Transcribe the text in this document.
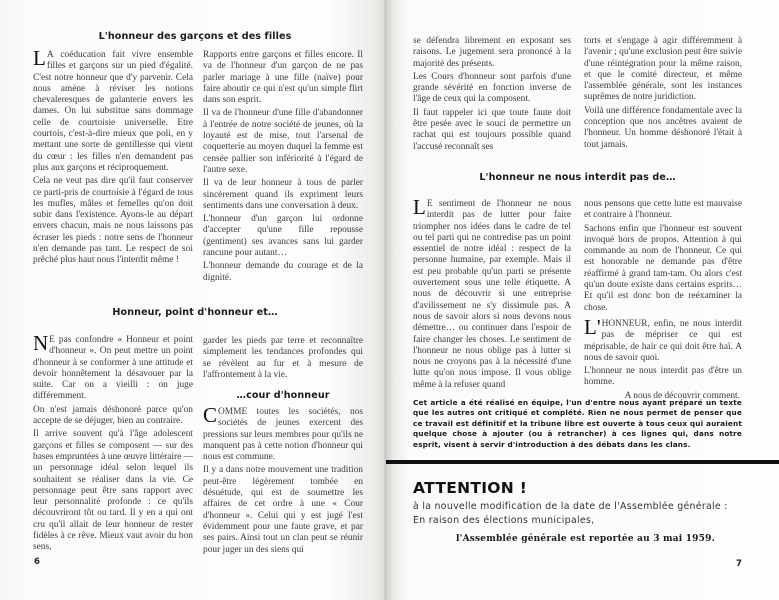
L'honneur des garçons et des filles

L A coéducation fait vivre ensemble filles et garçons sur un pied d'égalité. C'est notre honneur que d'y parvenir. Cela nous amène à réviser les notions chevaleresques de galanterie envers les dames. On lui substitue sans dommage celle de courtoisie universelle. Etre courtois, c'est-à-dire mieux que poli, en y mettant une sorte de gentillesse qui vient du cœur : les filles n'en demandent pas plus aux garçons et réciproquement.

Cela ne veut pas dire qu'il faut conserver ce parti-pris de courtoisie à l'égard de tous les mufles, mâles et femelles qu'on doit subir dans l'existence. Ayons-le au départ envers chacun, mais ne nous laissons pas écraser les pieds : notre sens de l'honneur n'en demande pas tant. Le respect de soi prêché plus haut nous l'interdit même !

Rapports entre garçons et filles encore. Il va de l'honneur d'un garçon de ne pas parler mariage à une fille (naïve) pour faire aboutir ce qui n'est qu'un simple flirt dans son esprit.

Il va de l'honneur d'une fille d'abandonner à l'entrée de notre société de jeunes, où la loyauté est de mise, tout l'arsenal de coquetterie au moyen duquel la femme est censée pallier son infériorité à l'égard de l'autre sexe.

Il va de leur honneur à tous de parler sincèrement quand ils expriment leurs sentiments dans une conversation à deux.

L'honneur d'un garçon lui ordonne d'accepter qu'une fille repousse (gentiment) ses avances sans lui garder rancune pour autant…

L'honneur demande du courage et de la dignité.

Honneur, point d'honneur et…

N E pas confondre « Honneur et point d'honneur ». On peut mettre un point d'honneur à se conformer à une attitude et devoir honnêtement la désavouer par la suite. Car on a vieilli : on juge différemment.

On n'est jamais déshonoré parce qu'on accepte de se déjuger, bien au contraire.

Il arrive souvent qu'à l'âge adolescent garçons et filles se composent — sur des bases empruntées à une œuvre littéraire — un personnage idéal selon lequel ils souhaitent se réaliser dans la vie. Ce personnage peut être sans rapport avec leur personnalité profonde : ce qu'ils découvriront tôt ou tard. Il y en a qui ont cru qu'il allait de leur honneur de rester fidèles à ce rêve. Mieux vaut avoir du bon sens,

garder les pieds par terre et reconnaître simplement les tendances profondes qui se révèlent au fur et à mesure de l'affrontement à la vie.

…cour d'honneur

COMME toutes les sociétés, nos sociétés de jeunes exercent des pressions sur leurs membres pour qu'ils ne manquent pas à cette notion d'honneur qui nous est commune.

Il y a dans notre mouvement une tradition peut-être légèrement tombée en désuétude, qui est de soumettre les affaires de cet ordre à une « Cour d'honneur ». Celui qui y est jugé l'est évidemment pour une faute grave, et par ses pairs. Ainsi tout un clan peut se réunir pour juger un des siens qui

6

se défendra librement en exposant ses raisons. Le jugement sera prononcé à la majorité des présents.

Les Cours d'honneur sont parfois d'une grande sévérité en fonction inverse de l'âge de ceux qui la composent.

Il faut rappeler ici que toute faute doit être pesée avec le souci de permettre un rachat qui est toujours possible quand l'accusé reconnaît ses

torts et s'engage à agir différemment à l'avenir ; qu'une exclusion peut être suivie d'une réintégration pour la même raison, et que le comité directeur, et même l'assemblée générale, sont les instances suprêmes de notre juridiction.

Voilà une différence fondamentale avec la conception que nos ancêtres avaient de l'honneur. Un homme déshonoré l'était à tout jamais.

L'honneur ne nous interdit pas de…

L E sentiment de l'honneur ne nous interdit pas de lutter pour faire triompher nos idées dans le cadre de tel ou tel parti qui ne contredise pas un point essentiel de notre idéal : respect de la personne humaine, par exemple. Mais il est peu probable qu'un parti se présente ouvertement sous une telle étiquette. A nous de découvrir si une entreprise d'avilissement ne s'y dissimule pas. A nous de savoir alors si nous devons nous démettre… ou continuer dans l'espoir de faire changer les choses. Le sentiment de l'honneur ne nous oblige pas à lutter si nous ne croyons pas à la nécessité d'une lutte qu'on nous impose. Il vous oblige même à la refuser quand

nous pensons que cette lutte est mauvaise et contraire à l'honneur.

Sachons enfin que l'honneur est souvent invoqué hors de propos. Attention à qui commande au nom de l'honneur. Ce qui est honorable ne demande pas d'être réaffirmé à grand tam-tam. Ou alors c'est qu'un doute existe dans certains esprits… Et qu'il est donc bon de reéxaminer la chose.

L' HONNEUR, enfin, ne nous interdit pas de mépriser ce qui est méprisable, de haïr ce qui doit être haï. A nous de savoir quoi.

L'honneur ne nous interdit pas d'être un homme.

A nous de découvrir comment.

Cet article a été réalisé en équipe, l'un d'entre nous ayant préparé un texte que les autres ont critiqué et complété. Rien ne nous permet de penser que ce travail est définitif et la tribune libre est ouverte à tous ceux qui auraient quelque chose à ajouter (ou à retrancher) à ces lignes qui, dans notre esprit, visent à servir d'introduction à des débats dans les clans.
ATTENTION !
à la nouvelle modification de la date de l'Assemblée générale :
En raison des élections municipales,
l'Assemblée générale est reportée au 3 mai 1959.
7
